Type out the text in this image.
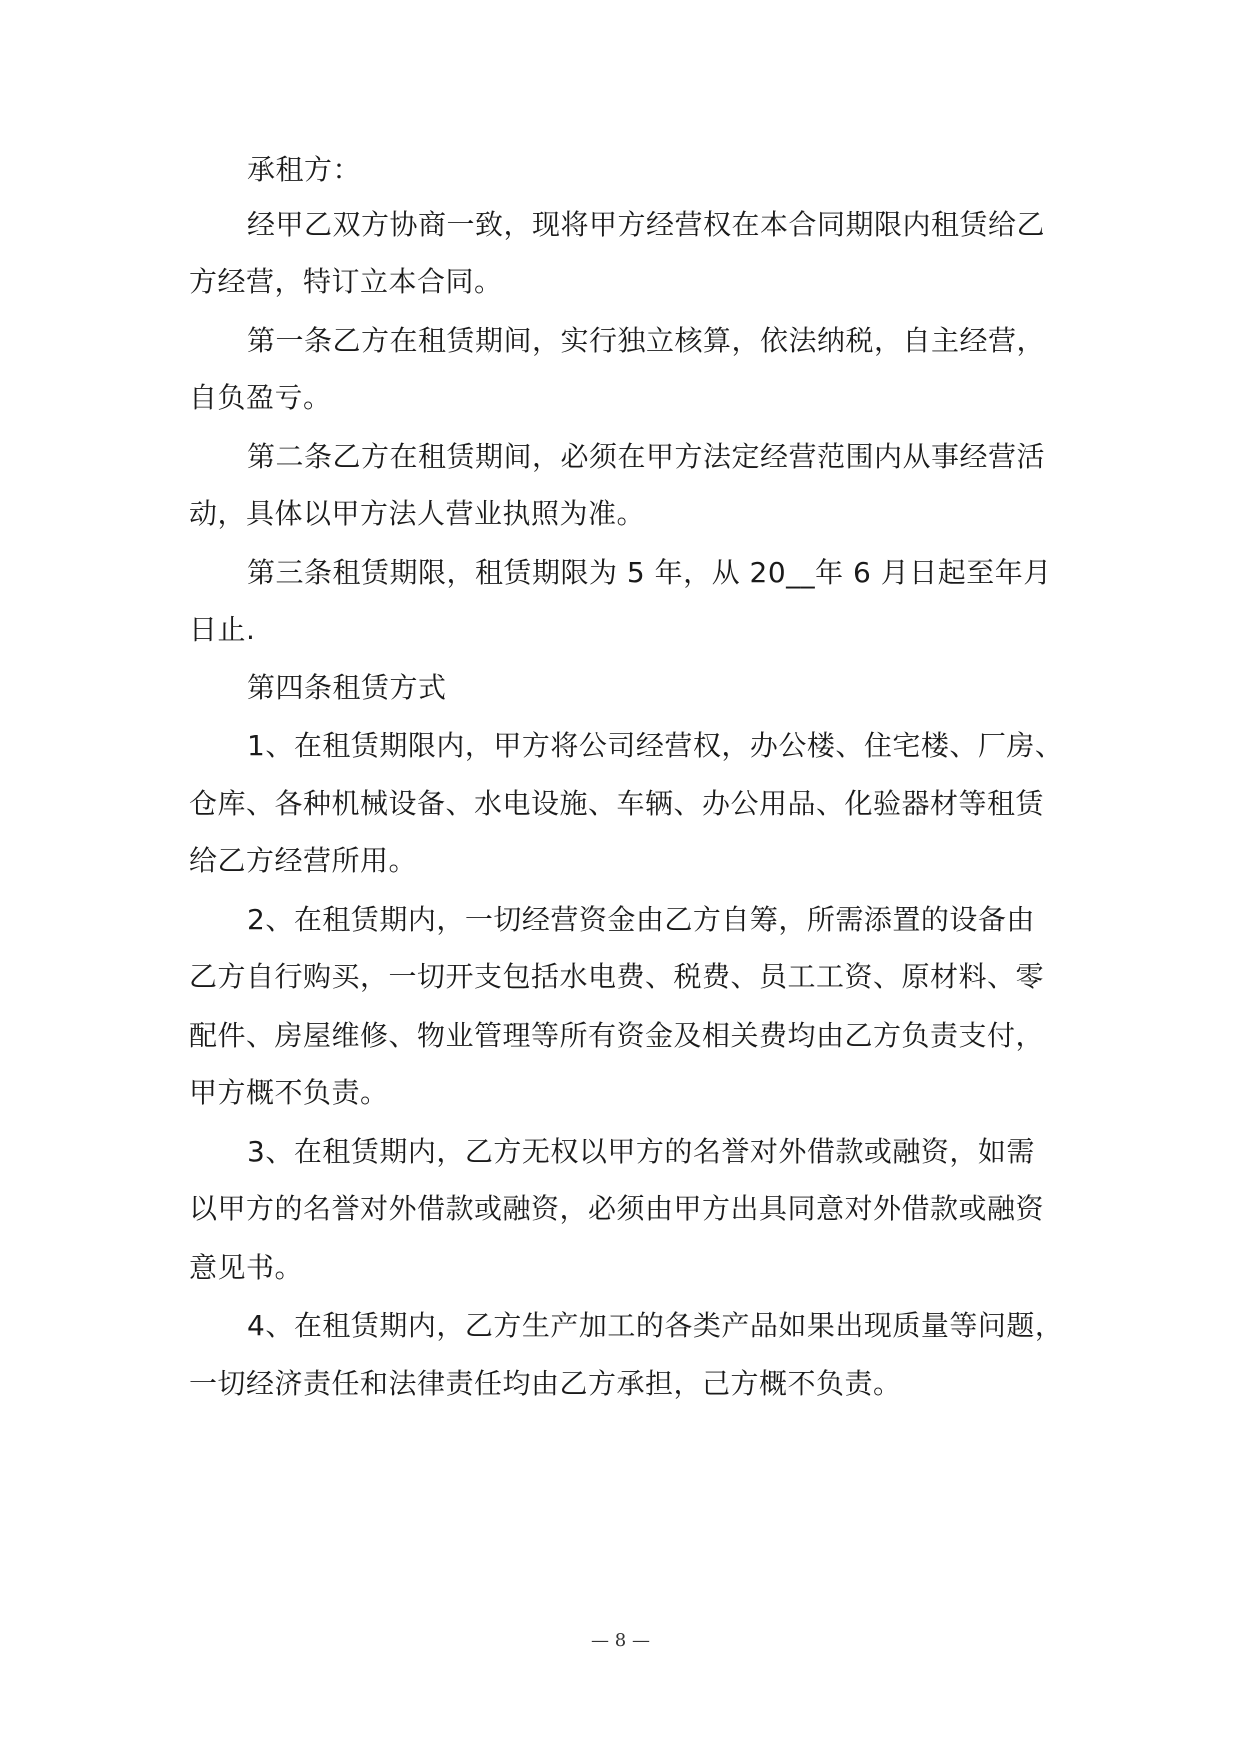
承租方：
经甲乙双方协商一致，现将甲方经营权在本合同期限内租赁给乙
方经营，特订立本合同。
第一条乙方在租赁期间，实行独立核算，依法纳税，自主经营，
自负盈亏。
第二条乙方在租赁期间，必须在甲方法定经营范围内从事经营活
动，具体以甲方法人营业执照为准。
第三条租赁期限，租赁期限为 5 年，从 20__年 6 月日起至年月
日止.
第四条租赁方式
1、在租赁期限内，甲方将公司经营权，办公楼、住宅楼、厂房、
仓库、各种机械设备、水电设施、车辆、办公用品、化验器材等租赁
给乙方经营所用。
2、在租赁期内，一切经营资金由乙方自筹，所需添置的设备由
乙方自行购买，一切开支包括水电费、税费、员工工资、原材料、零
配件、房屋维修、物业管理等所有资金及相关费均由乙方负责支付，
甲方概不负责。
3、在租赁期内，乙方无权以甲方的名誉对外借款或融资，如需
以甲方的名誉对外借款或融资，必须由甲方出具同意对外借款或融资
意见书。
4、在租赁期内，乙方生产加工的各类产品如果出现质量等问题，
一切经济责任和法律责任均由乙方承担，己方概不负责。
— 8 —
